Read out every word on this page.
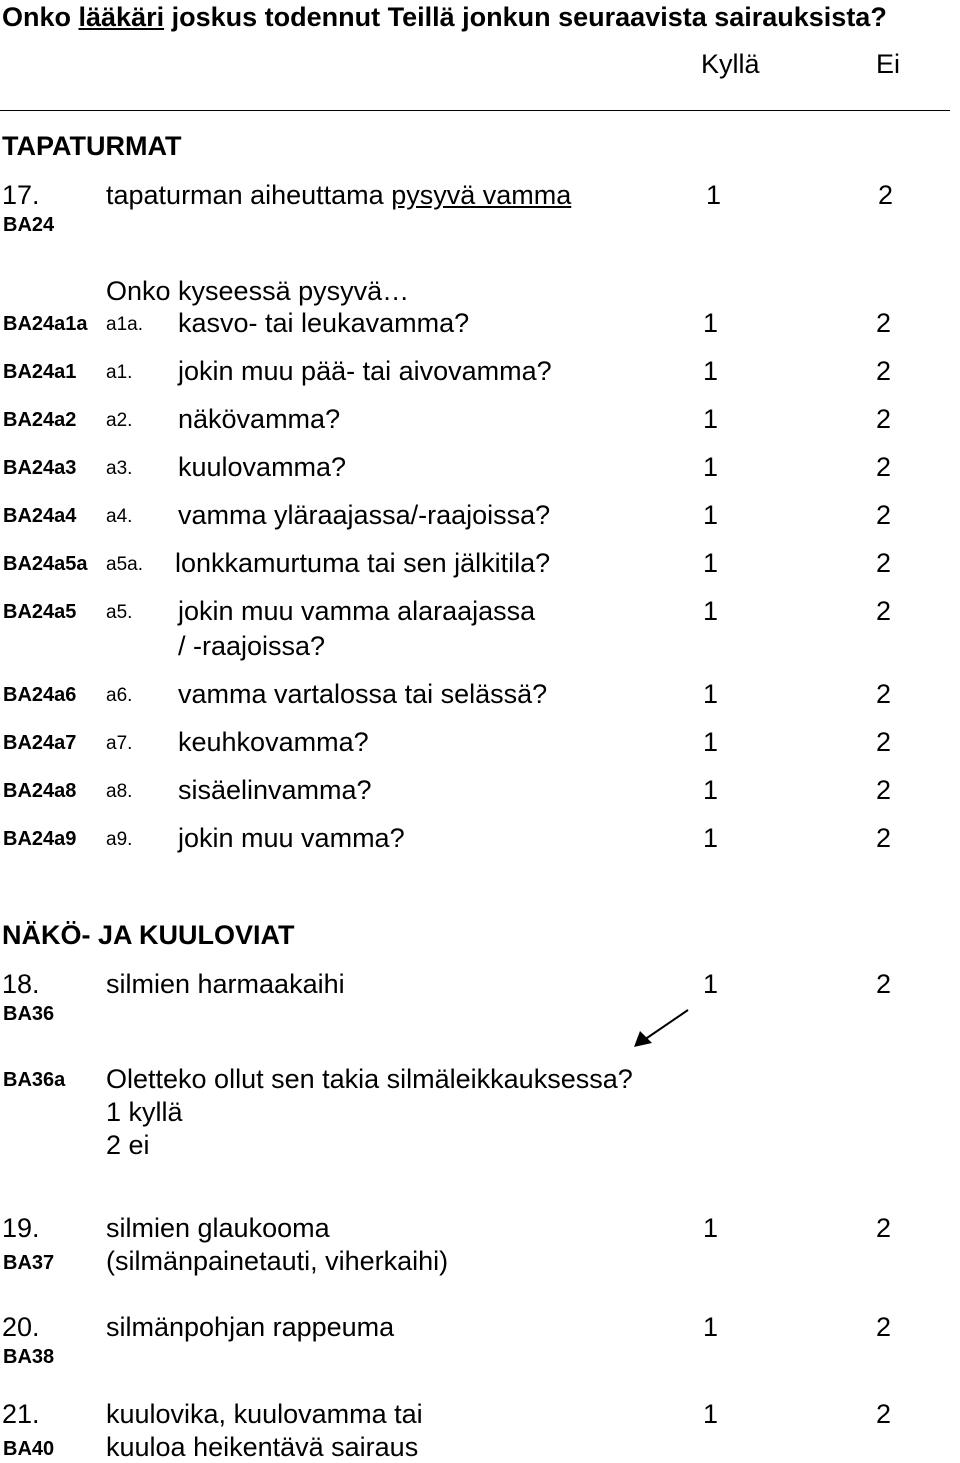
Onko lääkäri joskus todennut Teillä jonkun seuraavista sairauksista?
Kyllä	Ei
TAPATURMAT
17. tapaturman aiheuttama pysyvä vamma	1	2
BA24
Onko kyseessä pysyvä…
BA24a1a a1a. kasvo- tai leukavamma?	1	2
BA24a1 a1. jokin muu pää- tai aivovamma?	1	2
BA24a2 a2. näkövamma?	1	2
BA24a3 a3. kuulovamma?	1	2
BA24a4 a4. vamma yläraajassa/-raajoissa?	1	2
BA24a5a a5a. lonkkamurtuma tai sen jälkitila?	1	2
BA24a5 a5. jokin muu vamma alaraajassa
/ -raajoissa?
1	2
BA24a6 a6. vamma vartalossa tai selässä?	1	2
BA24a7 a7. keuhkovamma?	1	2
BA24a8 a8. sisäelinvamma?	1	2
BA24a9 a9. jokin muu vamma?	1	2
NÄKÖ- JA KUULOVIAT
18. silmien harmaakaihi	1	2
BA36
BA36a Oletteko ollut sen takia silmäleikkauksessa?
1 kyllä
2 ei
19. silmien glaukooma
(silmänpainetauti, viherkaihi)
1	2
BA37
20. silmänpohjan rappeuma	1	2
BA38
21. kuulovika, kuulovamma tai
kuuloa heikentävä sairaus
1	2
BA40
